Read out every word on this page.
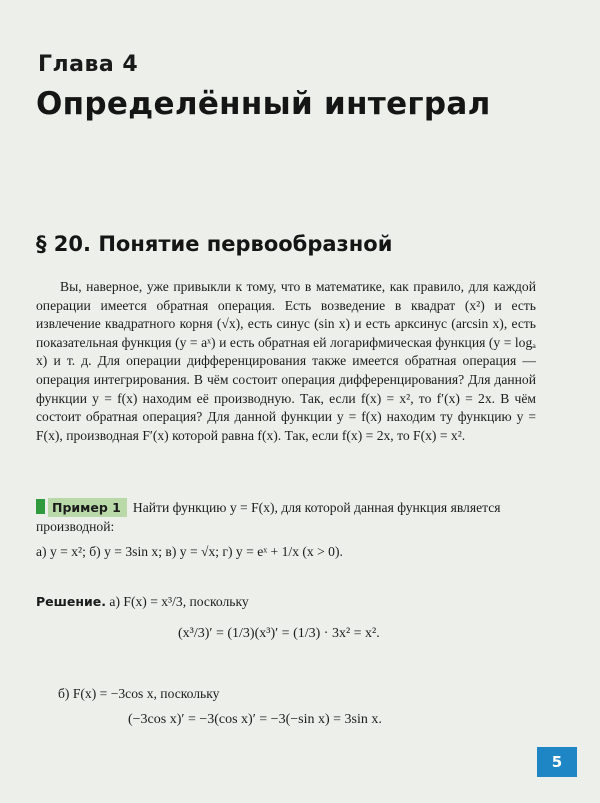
Глава 4
Определённый интеграл
§ 20. Понятие первообразной
Вы, наверное, уже привыкли к тому, что в математике, как правило, для каждой операции имеется обратная операция. Есть возведение в квадрат (x²) и есть извлечение квадратного корня (√x), есть синус (sin x) и есть арксинус (arcsin x), есть показательная функция (y = aˣ) и есть обратная ей логарифмическая функция (y = logₐ x) и т. д. Для операции дифференцирования также имеется обратная операция — операция интегрирования. В чём состоит операция дифференцирования? Для данной функции y = f(x) находим её производную. Так, если f(x) = x², то f′(x) = 2x. В чём состоит обратная операция? Для данной функции y = f(x) находим ту функцию y = F(x), производная F′(x) которой равна f(x). Так, если f(x) = 2x, то F(x) = x².
Пример 1 Найти функцию y = F(x), для которой данная функция является производной:
а) y = x²; б) y = 3sin x; в) y = √x; г) y = eˣ + 1/x (x > 0).
Решение. а) F(x) = x³/3, поскольку
(x³/3)′ = (1/3)(x³)′ = (1/3) · 3x² = x².
б) F(x) = −3cos x, поскольку
(−3cos x)′ = −3(cos x)′ = −3(−sin x) = 3sin x.
5
